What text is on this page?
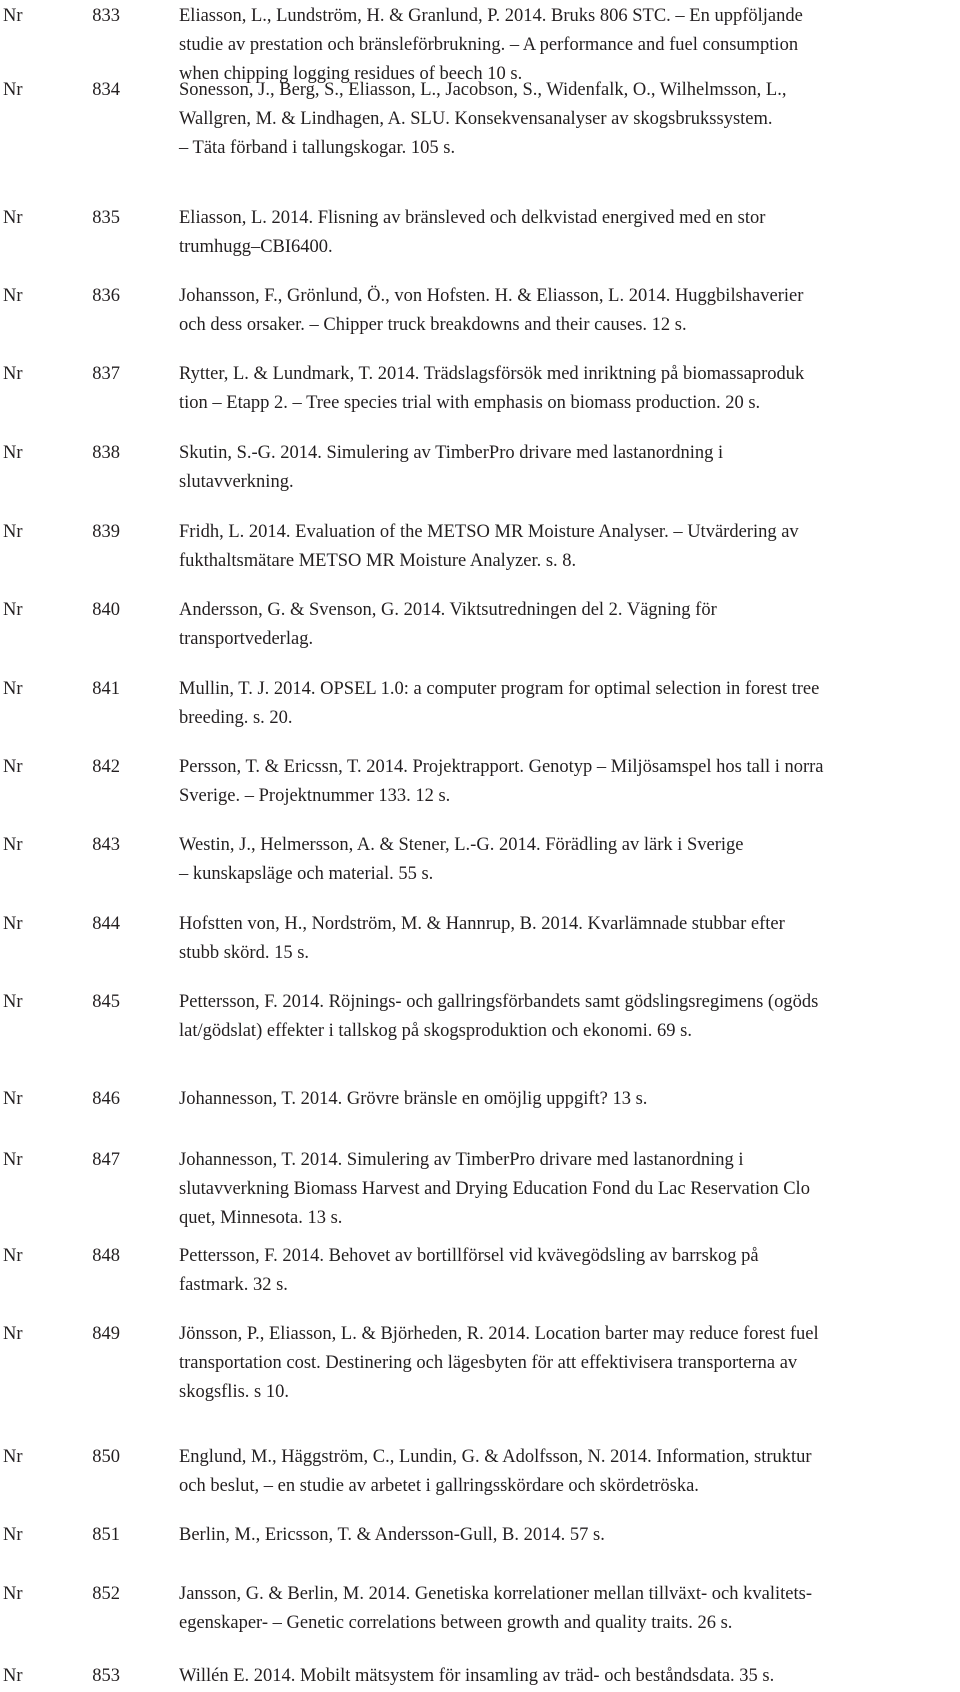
Nr	833	Eliasson, L., Lundström, H. & Granlund, P. 2014. Bruks 806 STC. – En uppföljande
studie av prestation och bränsleförbrukning. – A performance and fuel consumption
when chipping logging residues of beech 10 s.
Nr	834	Sonesson, J., Berg, S., Eliasson, L., Jacobson, S., Widenfalk, O., Wilhelmsson, L.,
Wallgren, M. & Lindhagen, A. SLU. Konsekvensanalyser av skogsbrukssystem.
– Täta förband i tallungskogar. 105 s.
Nr	835	Eliasson, L. 2014. Flisning av bränsleved och delkvistad energived med en stor
trumhugg–CBI6400.
Nr	836	Johansson, F., Grönlund, Ö., von Hofsten. H. & Eliasson, L. 2014. Huggbilshaverier
och dess orsaker. – Chipper truck breakdowns and their causes. 12 s.
Nr	837	Rytter, L. & Lundmark, T. 2014. Trädslagsförsök med inriktning på biomassaproduk
tion – Etapp 2. – Tree species trial with emphasis on biomass production. 20 s.
Nr	838	Skutin, S.-G. 2014. Simulering av TimberPro drivare med lastanordning i
slutavverkning.
Nr	839	Fridh, L. 2014. Evaluation of the METSO MR Moisture Analyser. – Utvärdering av
fukthaltsmätare METSO MR Moisture Analyzer. s. 8.
Nr	840	Andersson, G. & Svenson, G. 2014. Viktsutredningen del 2. Vägning för
transportvederlag.
Nr	841	Mullin, T. J. 2014. OPSEL 1.0: a computer program for optimal selection in forest tree
breeding. s. 20.
Nr	842	Persson, T. & Ericssn, T. 2014. Projektrapport. Genotyp – Miljösamspel hos tall i norra
Sverige. – Projektnummer 133. 12 s.
Nr	843	Westin, J., Helmersson, A. & Stener, L.-G. 2014. Förädling av lärk i Sverige
– kunskapsläge och material. 55 s.
Nr	844	Hofstten von, H., Nordström, M. & Hannrup, B. 2014. Kvarlämnade stubbar efter
stubb skörd. 15 s.
Nr	845	Pettersson, F. 2014. Röjnings- och gallringsförbandets samt gödslingsregimens (ogöds
lat/gödslat) effekter i tallskog på skogsproduktion och ekonomi. 69 s.
Nr	846	Johannesson, T. 2014. Grövre bränsle en omöjlig uppgift? 13 s.
Nr	847	Johannesson, T. 2014. Simulering av TimberPro drivare med lastanordning i
slutavverkning Biomass Harvest and Drying Education Fond du Lac Reservation Clo
quet, Minnesota. 13 s.
Nr	848	Pettersson, F. 2014. Behovet av bortillförsel vid kvävegödsling av barrskog på
fastmark. 32 s.
Nr	849	Jönsson, P., Eliasson, L. & Björheden, R. 2014. Location barter may reduce forest fuel
transportation cost. Destinering och lägesbyten för att effektivisera transporterna av
skogsflis. s 10.
Nr	850	Englund, M., Häggström, C., Lundin, G. & Adolfsson, N. 2014. Information, struktur
och beslut, – en studie av arbetet i gallringsskördare och skördetröska.
Nr	851	Berlin, M., Ericsson, T. & Andersson-Gull, B. 2014. 57 s.
Nr	852	Jansson, G. & Berlin, M. 2014. Genetiska korrelationer mellan tillväxt- och kvalitets-
egenskaper- – Genetic correlations between growth and quality traits. 26 s.
Nr	853	Willén E. 2014. Mobilt mätsystem för insamling av träd- och beståndsdata. 35 s.
